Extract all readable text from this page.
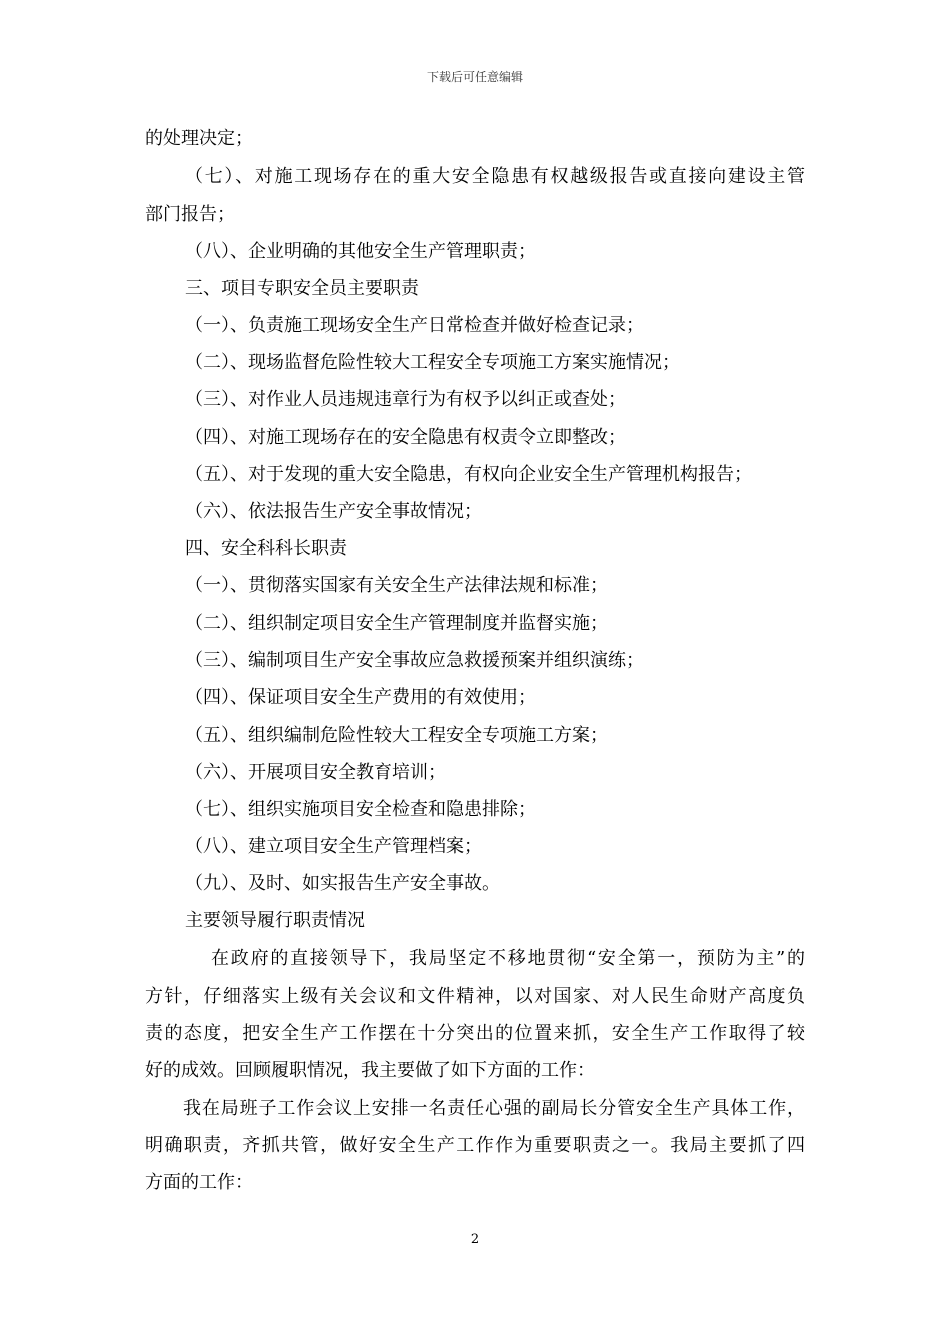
下载后可任意编辑
的处理决定；
（七）、对施工现场存在的重大安全隐患有权越级报告或直接向建设主管
部门报告；
（八）、企业明确的其他安全生产管理职责；
三、项目专职安全员主要职责
（一）、负责施工现场安全生产日常检查并做好检查记录；
（二）、现场监督危险性较大工程安全专项施工方案实施情况；
（三）、对作业人员违规违章行为有权予以纠正或查处；
（四）、对施工现场存在的安全隐患有权责令立即整改；
（五）、对于发现的重大安全隐患，有权向企业安全生产管理机构报告；
（六）、依法报告生产安全事故情况；
四、安全科科长职责
（一）、贯彻落实国家有关安全生产法律法规和标准；
（二）、组织制定项目安全生产管理制度并监督实施；
（三）、编制项目生产安全事故应急救援预案并组织演练；
（四）、保证项目安全生产费用的有效使用；
（五）、组织编制危险性较大工程安全专项施工方案；
（六）、开展项目安全教育培训；
（七）、组织实施项目安全检查和隐患排除；
（八）、建立项目安全生产管理档案；
（九）、及时、如实报告生产安全事故。
主要领导履行职责情况
在政府的直接领导下，我局坚定不移地贯彻“安全第一，预防为主”的
方针，仔细落实上级有关会议和文件精神，以对国家、对人民生命财产高度负
责的态度，把安全生产工作摆在十分突出的位置来抓，安全生产工作取得了较
好的成效。回顾履职情况，我主要做了如下方面的工作：
我在局班子工作会议上安排一名责任心强的副局长分管安全生产具体工作，
明确职责，齐抓共管，做好安全生产工作作为重要职责之一。我局主要抓了四
方面的工作：
2
